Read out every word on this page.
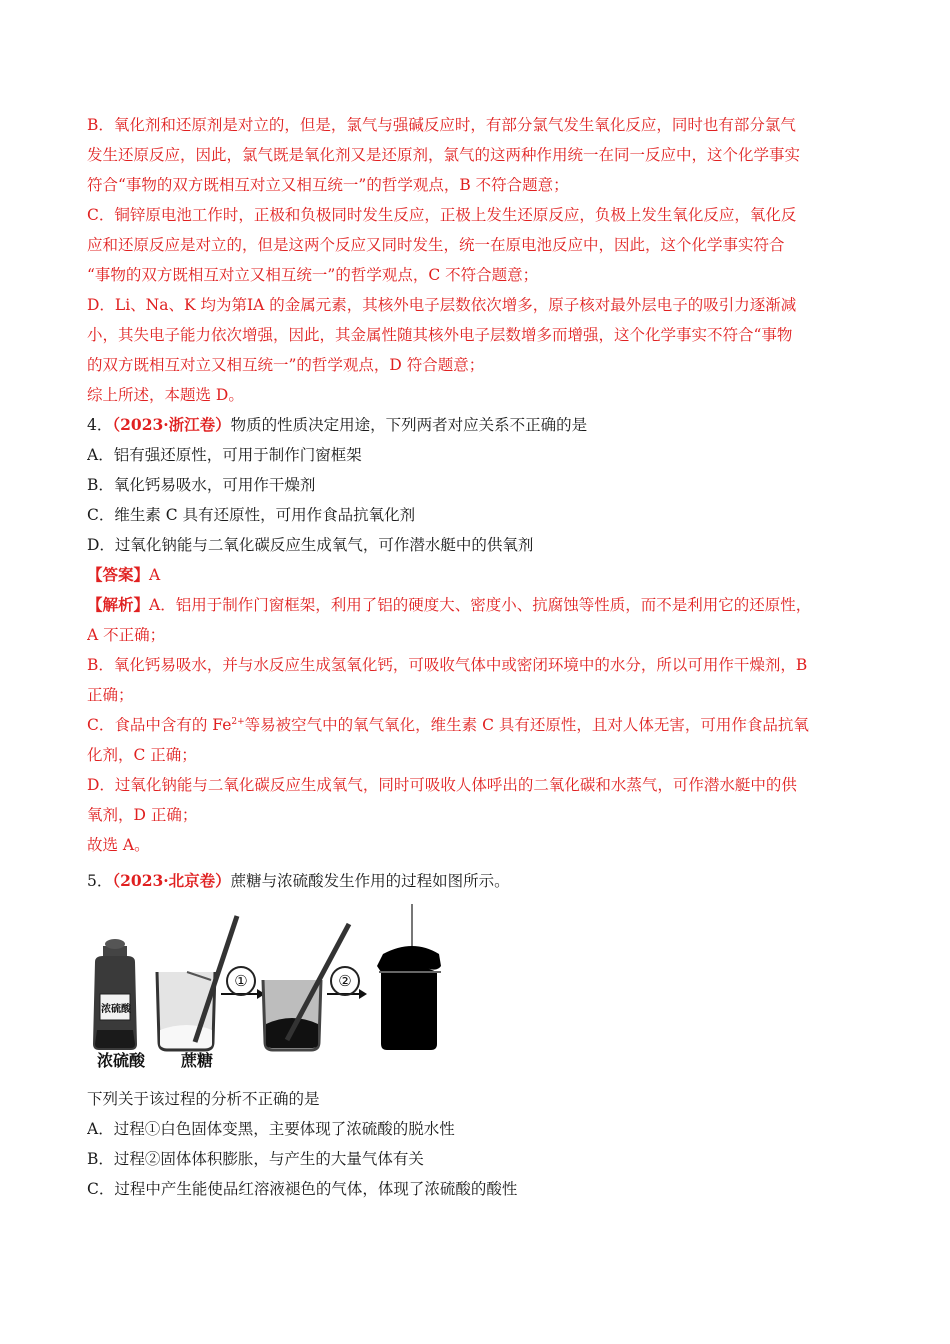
B．氧化剂和还原剂是对立的，但是，氯气与强碱反应时，有部分氯气发生氧化反应，同时也有部分氯气
发生还原反应，因此，氯气既是氧化剂又是还原剂，氯气的这两种作用统一在同一反应中，这个化学事实
符合“事物的双方既相互对立又相互统一”的哲学观点，B 不符合题意；
C．铜锌原电池工作时，正极和负极同时发生反应，正极上发生还原反应，负极上发生氧化反应，氧化反
应和还原反应是对立的，但是这两个反应又同时发生，统一在原电池反应中，因此，这个化学事实符合
“事物的双方既相互对立又相互统一”的哲学观点，C 不符合题意；
D．Li、Na、K 均为第ⅠA 的金属元素，其核外电子层数依次增多，原子核对最外层电子的吸引力逐渐减
小，其失电子能力依次增强，因此，其金属性随其核外电子层数增多而增强，这个化学事实不符合“事物
的双方既相互对立又相互统一”的哲学观点，D 符合题意；
综上所述，本题选 D。
4．（2023·浙江卷）物质的性质决定用途，下列两者对应关系不正确的是
A．铝有强还原性，可用于制作门窗框架
B．氧化钙易吸水，可用作干燥剂
C．维生素 C 具有还原性，可用作食品抗氧化剂
D．过氧化钠能与二氧化碳反应生成氧气，可作潜水艇中的供氧剂
【答案】A
【解析】A．铝用于制作门窗框架，利用了铝的硬度大、密度小、抗腐蚀等性质，而不是利用它的还原性，
A 不正确；
B．氧化钙易吸水，并与水反应生成氢氧化钙，可吸收气体中或密闭环境中的水分，所以可用作干燥剂，B
正确；
C．食品中含有的 $Fe^{2+}$等易被空气中的氧气氧化，维生素 C 具有还原性，且对人体无害，可用作食品抗氧
化剂，C 正确；
D．过氧化钠能与二氧化碳反应生成氧气，同时可吸收人体呼出的二氧化碳和水蒸气，可作潜水艇中的供
氧剂，D 正确；
故选 A。
5．（2023·北京卷）蔗糖与浓硫酸发生作用的过程如图所示。
浓硫酸 蔗糖
浓硫酸
①	②
下列关于该过程的分析不正确的是
A．过程①白色固体变黑，主要体现了浓硫酸的脱水性
B．过程②固体体积膨胀，与产生的大量气体有关
C．过程中产生能使品红溶液褪色的气体，体现了浓硫酸的酸性
